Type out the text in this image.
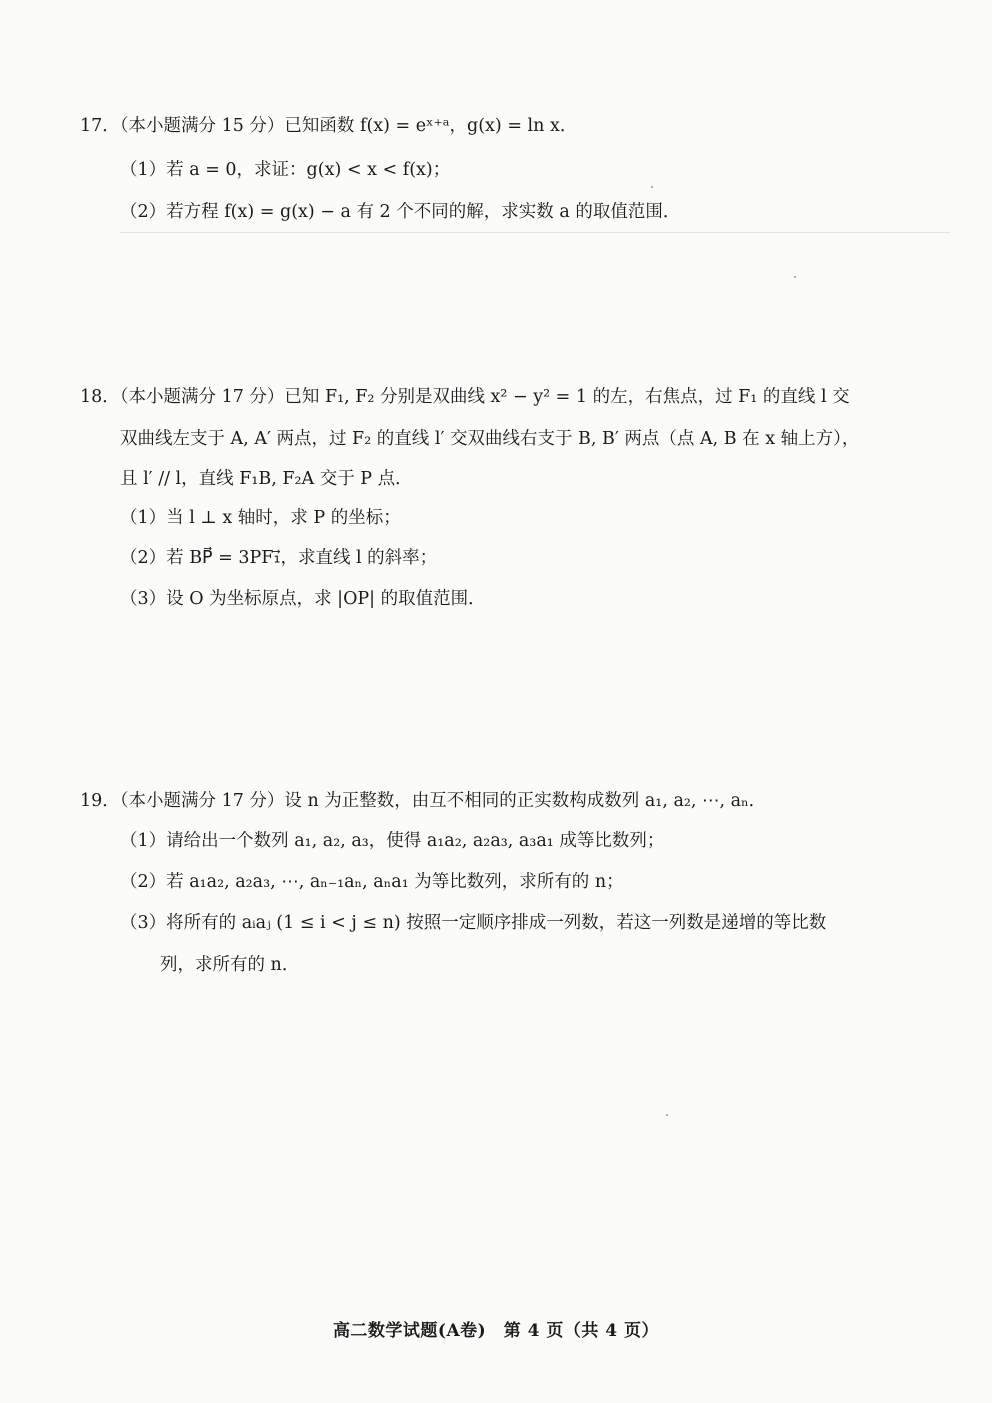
17．（本小题满分 15 分）已知函数 f(x) = eˣ⁺ᵃ，g(x) = ln x．
（1）若 a = 0，求证：g(x) < x < f(x)；
（2）若方程 f(x) = g(x) − a 有 2 个不同的解，求实数 a 的取值范围．
18．（本小题满分 17 分）已知 F₁, F₂ 分别是双曲线 x² − y² = 1 的左，右焦点，过 F₁ 的直线 l 交
双曲线左支于 A, A′ 两点，过 F₂ 的直线 l′ 交双曲线右支于 B, B′ 两点（点 A, B 在 x 轴上方），
且 l′ // l，直线 F₁B, F₂A 交于 P 点．
（1）当 l ⊥ x 轴时，求 P 的坐标；
（2）若 BP⃗ = 3PF₁⃗，求直线 l 的斜率；
（3）设 O 为坐标原点，求 |OP| 的取值范围．
19．（本小题满分 17 分）设 n 为正整数，由互不相同的正实数构成数列 a₁, a₂, ⋯, aₙ．
（1）请给出一个数列 a₁, a₂, a₃，使得 a₁a₂, a₂a₃, a₃a₁ 成等比数列；
（2）若 a₁a₂, a₂a₃, ⋯, aₙ₋₁aₙ, aₙa₁ 为等比数列，求所有的 n；
（3）将所有的 aᵢaⱼ (1 ≤ i < j ≤ n) 按照一定顺序排成一列数，若这一列数是递增的等比数
列，求所有的 n．
高二数学试题(A卷)　第 4 页（共 4 页）
